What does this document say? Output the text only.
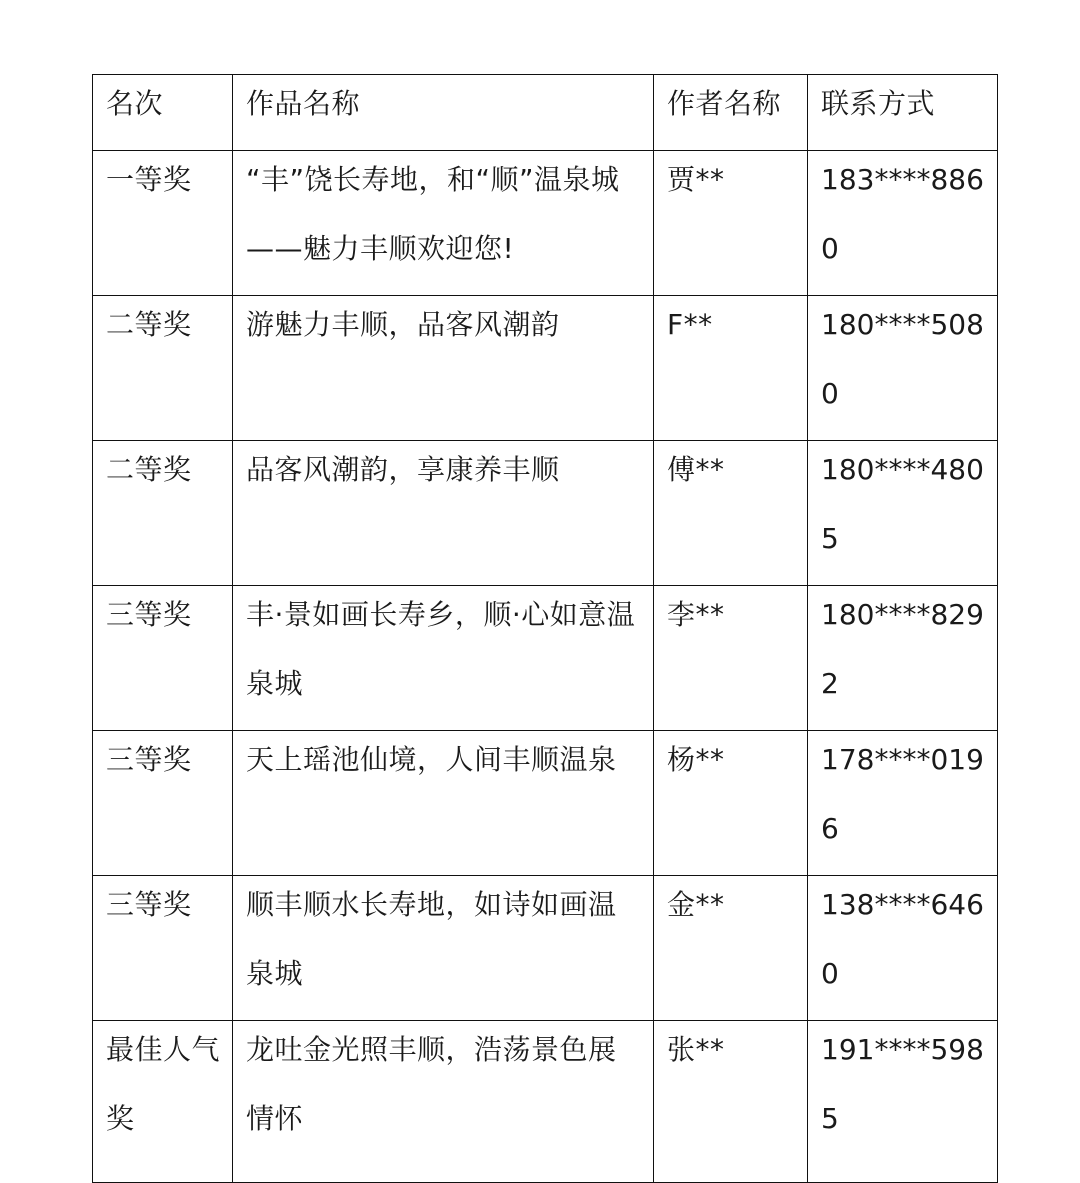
名次	作品名称	作者名称	联系方式

一等奖	“丰”饶长寿地，和“顺”温泉城——魅力丰顺欢迎您!	贾**	183****8860

二等奖	游魅力丰顺，品客风潮韵	F**	180****5080

二等奖	品客风潮韵，享康养丰顺	傅**	180****4805

三等奖	丰·景如画长寿乡，顺·心如意温泉城	李**	180****8292

三等奖	天上瑶池仙境，人间丰顺温泉	杨**	178****0196

三等奖	顺丰顺水长寿地，如诗如画温泉城	金**	138****6460

最佳人气奖	龙吐金光照丰顺，浩荡景色展情怀	张**	191****5985
